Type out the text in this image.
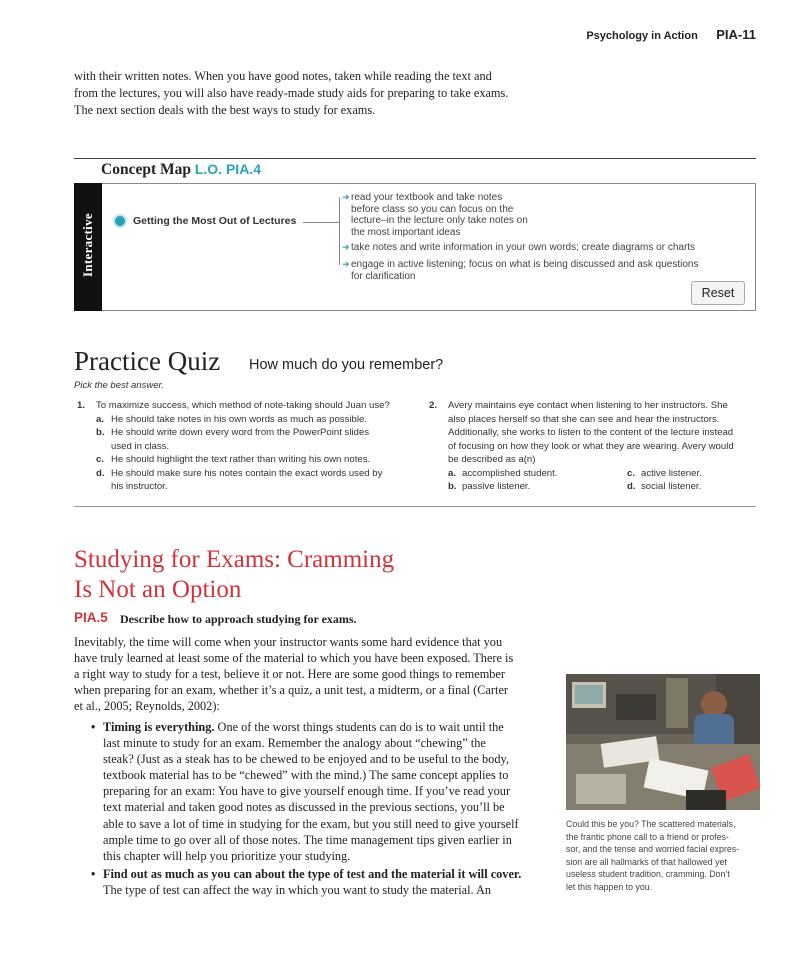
Psychology in Action PIA-11
with their written notes. When you have good notes, taken while reading the text and
from the lectures, you will also have ready-made study aids for preparing to take exams.
The next section deals with the best ways to study for exams.
Concept Map L.O. PIA.4
Interactive	Getting the Most Out of Lectures
➜ read your textbook and take notes
before class so you can focus on the
lecture–in the lecture only take notes on
the most important ideas
➜ take notes and write information in your own words; create diagrams or charts
➜ engage in active listening; focus on what is being discussed and ask questions
for clarification
Reset
Practice Quiz How much do you remember?
Pick the best answer.
1. To maximize success, which method of note-taking should Juan use?
a. He should take notes in his own words as much as possible.
b. He should write down every word from the PowerPoint slides
used in class.
c. He should highlight the text rather than writing his own notes.
d. He should make sure his notes contain the exact words used by
his instructor.
2. Avery maintains eye contact when listening to her instructors. She
also places herself so that she can see and hear the instructors.
Additionally, she works to listen to the content of the lecture instead
of focusing on how they look or what they are wearing. Avery would
be described as a(n)
a. accomplished student.	c. active listener.
b. passive listener.	d. social listener.
Studying for Exams: Cramming
Is Not an Option
PIA.5 Describe how to approach studying for exams.
Inevitably, the time will come when your instructor wants some hard evidence that you
have truly learned at least some of the material to which you have been exposed. There is
a right way to study for a test, believe it or not. Here are some good things to remember
when preparing for an exam, whether it’s a quiz, a unit test, a midterm, or a final (Carter
et al., 2005; Reynolds, 2002):
• Timing is everything. One of the worst things students can do is to wait until the
last minute to study for an exam. Remember the analogy about “chewing” the
steak? (Just as a steak has to be chewed to be enjoyed and to be useful to the body,
textbook material has to be “chewed” with the mind.) The same concept applies to
preparing for an exam: You have to give yourself enough time. If you’ve read your
text material and taken good notes as discussed in the previous sections, you’ll be
able to save a lot of time in studying for the exam, but you still need to give yourself
ample time to go over all of those notes. The time management tips given earlier in
this chapter will help you prioritize your studying.
• Find out as much as you can about the type of test and the material it will cover.
The type of test can affect the way in which you want to study the material. An
Could this be you? The scattered materials,
the frantic phone call to a friend or profes-
sor, and the tense and worried facial expres-
sion are all hallmarks of that hallowed yet
useless student tradition, cramming. Don’t
let this happen to you.
